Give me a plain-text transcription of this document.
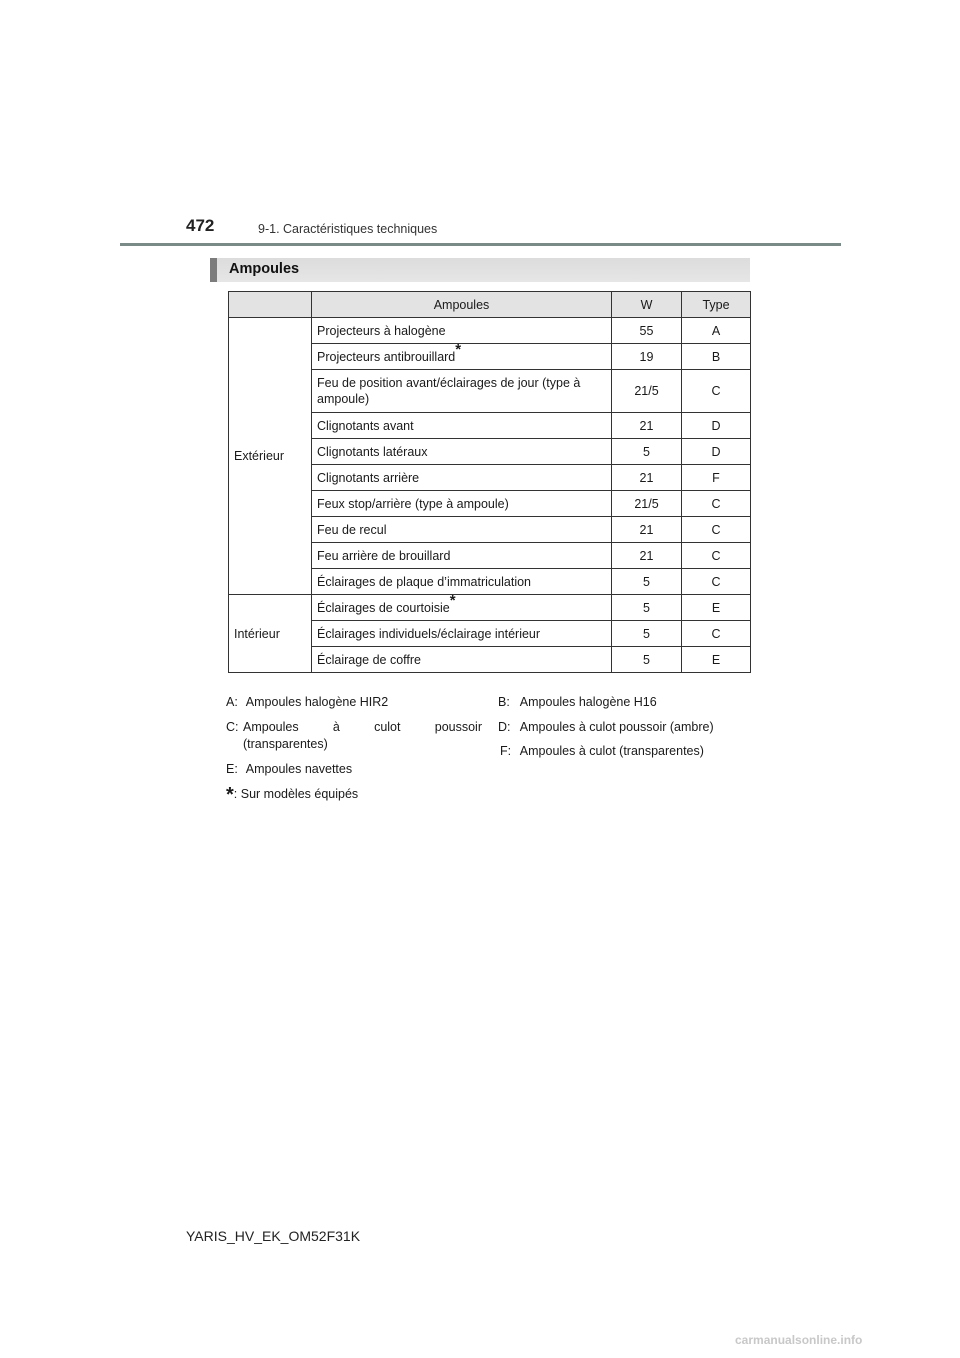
472	9-1. Caractéristiques techniques
Ampoules
	Ampoules	W	Type
Extérieur	Projecteurs à halogène	55	A
	Projecteurs antibrouillard*	19	B
	Feu de position avant/éclairages de jour (type à ampoule)	21/5	C
	Clignotants avant	21	D
	Clignotants latéraux	5	D
	Clignotants arrière	21	F
	Feux stop/arrière (type à ampoule)	21/5	C
	Feu de recul	21	C
	Feu arrière de brouillard	21	C
	Éclairages de plaque d’immatriculation	5	C
Intérieur	Éclairages de courtoisie*	5	E
	Éclairages individuels/éclairage intérieur	5	C
	Éclairage de coffre	5	E
A: Ampoules halogène HIR2	B: Ampoules halogène H16
C: Ampoules	à	culot	poussoir
(transparentes)
D: Ampoules à culot poussoir (ambre)
F: Ampoules à culot (transparentes)
E: Ampoules navettes
*: Sur modèles équipés
YARIS_HV_EK_OM52F31K
carmanualsonline.info
